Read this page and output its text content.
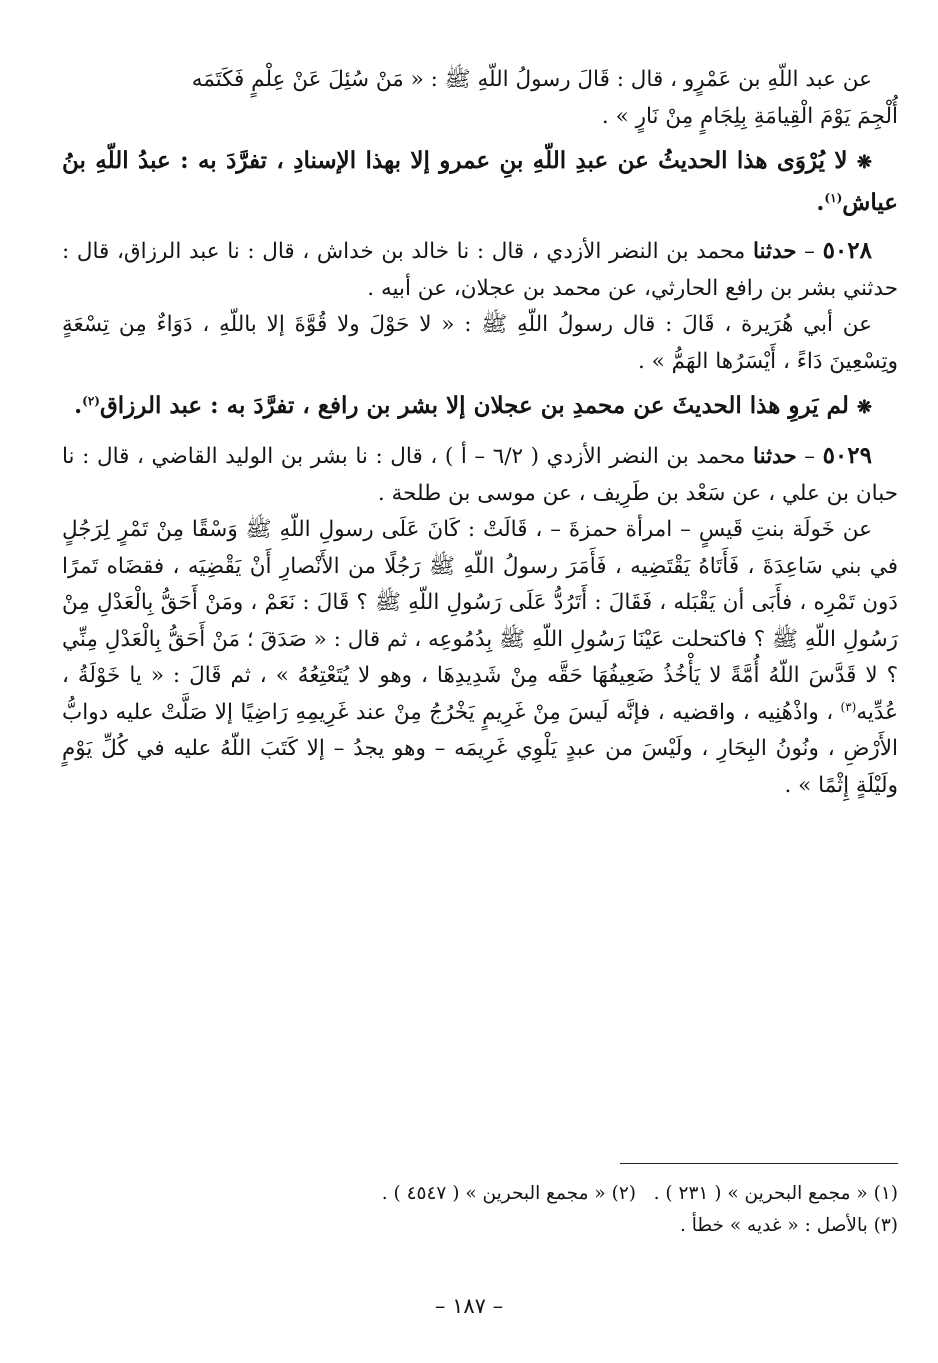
عن عبد اللّهِ بن عَمْرٍو ، قال : قَالَ رسولُ اللّهِ ﷺ : « مَنْ سُئِلَ عَنْ عِلْمٍ فَكَتَمَه
أُلْجِمَ يَوْمَ الْقِيامَةِ بِلِجَامٍ مِنْ نَارٍ » .

❋ لا يُرْوَى هذا الحديثُ عن عبدِ اللّهِ بنِ عمرو إلا بهذا الإسنادِ ، تفرَّدَ به : عبدُ اللّهِ بنُ عياش$^{(١)}$.

٥٠٢٨ – حدثنا محمد بن النضر الأزدي ، قال : نا خالد بن خداش ، قال : نا عبد الرزاق، قال : حدثني بشر بن رافع الحارثي، عن محمد بن عجلان، عن أبيه .

عن أبي هُرَيرة ، قَالَ : قال رسولُ اللّهِ ﷺ : « لا حَوْلَ ولا قُوَّةَ إلا باللّهِ ، دَوَاءٌ مِن تِسْعَةٍ وتِسْعِينَ دَاءً ، أَيْسَرُها الهَمُّ » .

❋ لم يَروِ هذا الحديثَ عن محمدِ بن عجلان إلا بشر بن رافع ، تفرَّدَ به : عبد الرزاق$^{(٢)}$.

٥٠٢٩ – حدثنا محمد بن النضر الأزدي ( ٦/٢ – أ ) ، قال : نا بشر بن الوليد القاضي ، قال : نا حبان بن علي ، عن سَعْد بن طَرِيف ، عن موسى بن طلحة .

عن خَولَة بنتِ قَيسٍ – امرأة حمزةَ – ، قَالَتْ : كَانَ عَلَى رسولِ اللّهِ ﷺ وَسْقًا مِنْ تَمْرٍ لِرَجُلٍ في بني سَاعِدَةَ ، فَأَتَاهُ يَقْتَضِيه ، فَأَمَرَ رسولُ اللّهِ ﷺ رَجُلًا من الأَنْصارِ أَنْ يَقْضِيَه ، فقضَاه تَمرًا دَون تَمْرِه ، فأَبَى أن يَقْبَله ، فَقَالَ : أَتَرُدُّ عَلَى رَسُولِ اللّهِ ﷺ ؟ قَالَ : نَعَمْ ، ومَنْ أَحَقُّ بِالْعَدْلِ مِنْ رَسُولِ اللّهِ ﷺ ؟ فاكتحلت عَيْنَا رَسُولِ اللّهِ ﷺ بِدُمُوعِه ، ثم قال : « صَدَقَ ؛ مَنْ أَحَقُّ بِالْعَدْلِ مِنِّي ؟ لا قَدَّسَ اللّهُ أُمَّةً لا يَأْخُذُ ضَعِيفُهَا حَقَّه مِنْ شَدِيدِهَا ، وهو لا يُتَعْتِعُهُ » ، ثم قَالَ : « يا خَوْلَةُ ، عُدِّيه$^{(٣)}$ ، واذْهُنِيه ، واقضيه ، فإنَّه لَيسَ مِنْ غَرِيمٍ يَخْرُجُ مِنْ عند غَرِيمِهِ رَاضِيًا إلا صَلَّتْ عليه دوابُّ الأَرْضِ ، ونُونُ البِحَارِ ، ولَيْسَ من عبدٍ يَلْوِي غَرِيمَه – وهو يجدُ – إلا كَتَبَ اللّهُ عليه في كُلِّ يَوْمٍ ولَيْلَةٍ إِثْمًا » .

(١) « مجمع البحرين » ( ٢٣١ ) .
(٢) « مجمع البحرين » ( ٤٥٤٧ ) .
(٣) بالأصل : « غديه » خطأ .
– ١٨٧ –
